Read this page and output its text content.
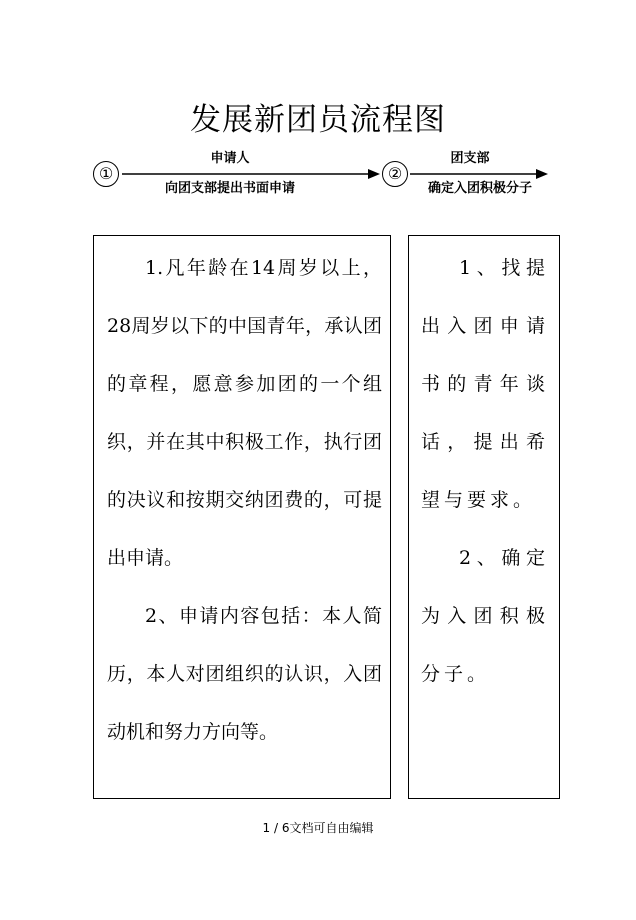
发展新团员流程图
①
申请人
向团支部提出书面申请
②
团支部
确定入团积极分子

1.凡年龄在14周岁以上，28周岁以下的中国青年，承认团的章程，愿意参加团的一个组织，并在其中积极工作，执行团的决议和按期交纳团费的，可提出申请。

2、申请内容包括：本人简历，本人对团组织的认识，入团动机和努力方向等。

1、找提出入团申请书的青年谈话，提出希望与要求。

2、确定为入团积极分子。

1 / 6文档可自由编辑
